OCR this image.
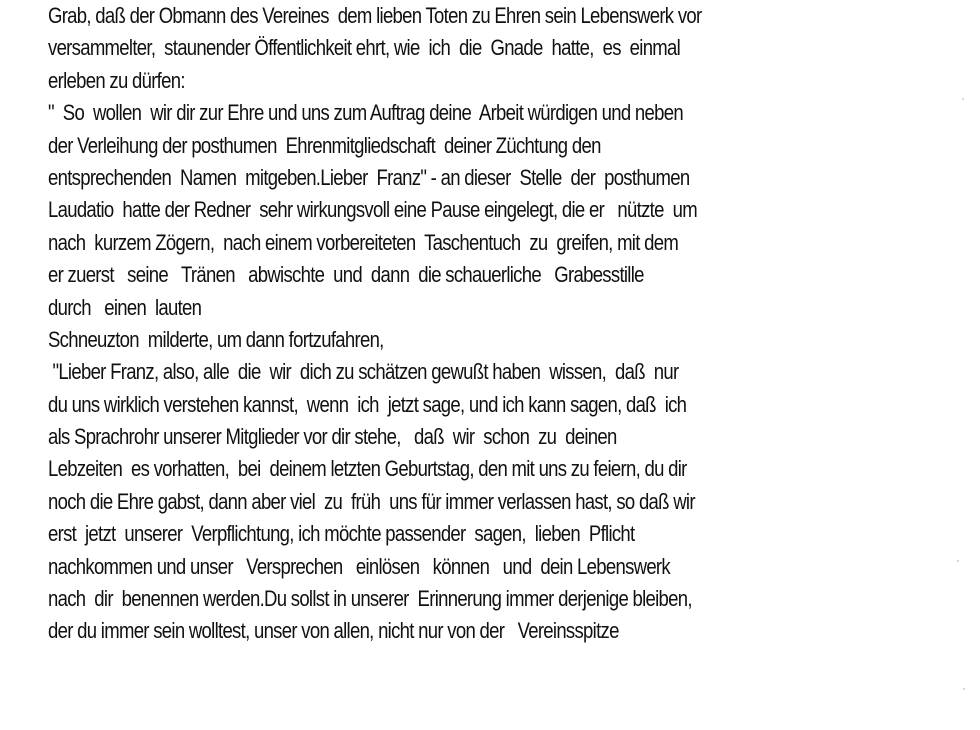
Grab, daß der Obmann des Vereines  dem lieben Toten zu Ehren sein Lebenswerk vor
versammelter,  staunender Öffentlichkeit ehrt, wie  ich  die  Gnade  hatte,  es  einmal
erleben zu dürfen:
"  So  wollen  wir dir zur Ehre und uns zum Auftrag deine  Arbeit würdigen und neben
der Verleihung der posthumen  Ehrenmitgliedschaft  deiner Züchtung den
entsprechenden  Namen  mitgeben.Lieber  Franz" - an dieser  Stelle  der  posthumen
Laudatio  hatte der Redner  sehr wirkungsvoll eine Pause eingelegt, die er   nützte  um
nach  kurzem Zögern,  nach einem vorbereiteten  Taschentuch  zu  greifen, mit dem
er zuerst   seine   Tränen   abwischte  und  dann  die schauerliche   Grabesstille
durch   einen  lauten
Schneuzton  milderte, um dann fortzufahren,
"Lieber Franz, also, alle  die  wir  dich zu schätzen gewußt haben  wissen,  daß  nur
du uns wirklich verstehen kannst,  wenn  ich  jetzt sage, und ich kann sagen, daß  ich
als Sprachrohr unserer Mitglieder vor dir stehe,   daß  wir  schon  zu  deinen
Lebzeiten  es vorhatten,  bei  deinem letzten Geburtstag, den mit uns zu feiern, du dir
noch die Ehre gabst, dann aber viel  zu  früh  uns für immer verlassen hast, so daß wir
erst  jetzt  unserer  Verpflichtung, ich möchte passender  sagen,  lieben  Pflicht
nachkommen und unser   Versprechen   einlösen   können   und  dein Lebenswerk
nach  dir  benennen werden.Du sollst in unserer  Erinnerung immer derjenige bleiben,
der du immer sein wolltest, unser von allen, nicht nur von der   Vereinsspitze
